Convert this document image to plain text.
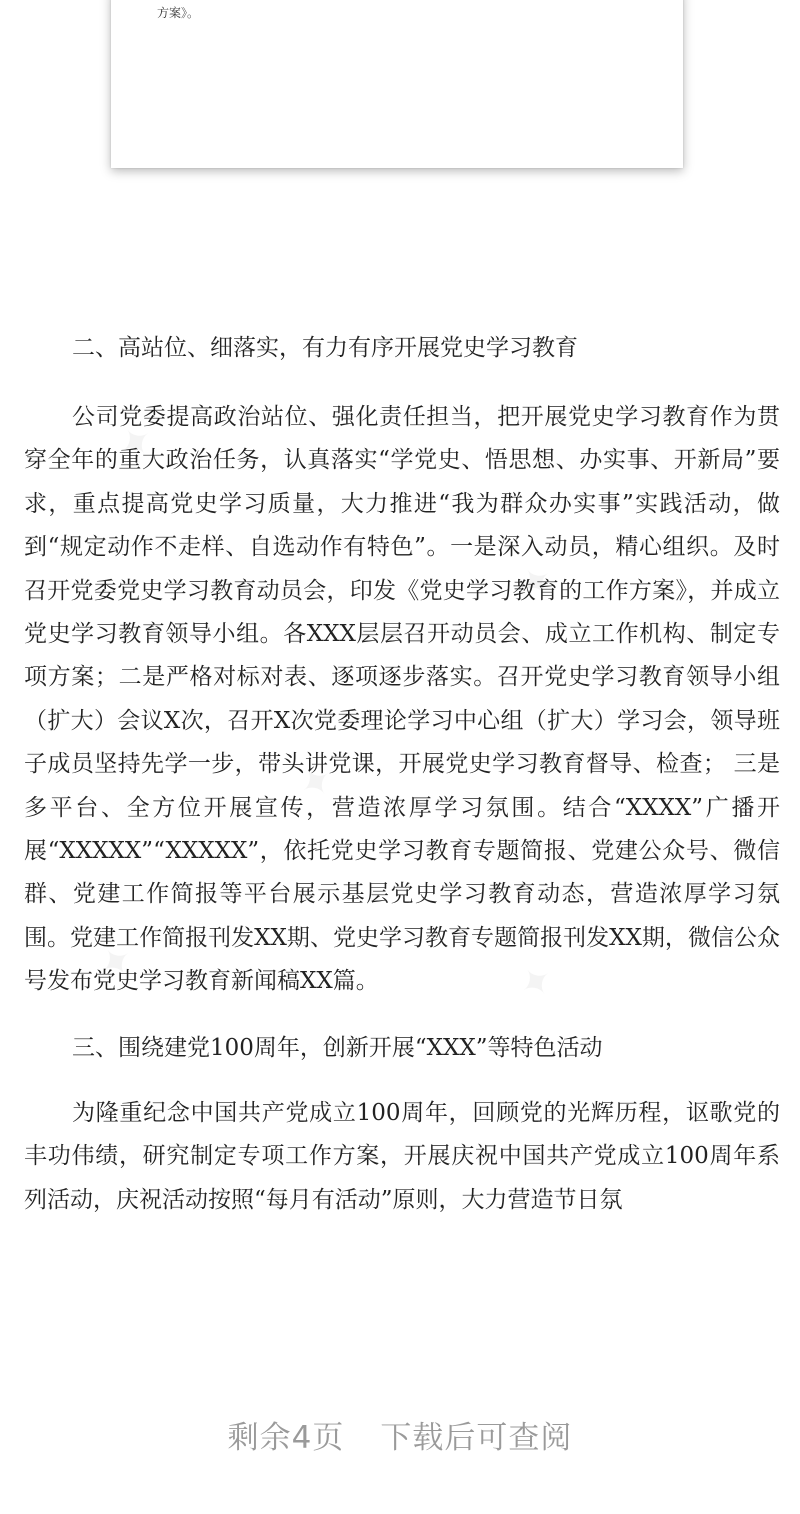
方案》。
二、高站位、细落实，有力有序开展党史学习教育

公司党委提高政治站位、强化责任担当，把开展党史学习教育作为贯穿全年的重大政治任务，认真落实“学党史、悟思想、办实事、开新局”要求，重点提高党史学习质量，大力推进“我为群众办实事”实践活动，做到“规定动作不走样、自选动作有特色”。一是深入动员，精心组织。及时召开党委党史学习教育动员会，印发《党史学习教育的工作方案》，并成立党史学习教育领导小组。各XXX层层召开动员会、成立工作机构、制定专项方案；二是严格对标对表、逐项逐步落实。召开党史学习教育领导小组（扩大）会议X次，召开X次党委理论学习中心组（扩大）学习会，领导班子成员坚持先学一步，带头讲党课，开展党史学习教育督导、检查； 三是多平台、全方位开展宣传，营造浓厚学习氛围。结合“XXXX”广播开展“XXXXX”“XXXXX”，依托党史学习教育专题简报、党建公众号、微信群、党建工作简报等平台展示基层党史学习教育动态，营造浓厚学习氛围。党建工作简报刊发XX期、党史学习教育专题简报刊发XX期，微信公众号发布党史学习教育新闻稿XX篇。

三、围绕建党100周年，创新开展“XXX”等特色活动

为隆重纪念中国共产党成立100周年，回顾党的光辉历程，讴歌党的丰功伟绩，研究制定专项工作方案，开展庆祝中国共产党成立100周年系列活动，庆祝活动按照“每月有活动”原则，大力营造节日氛

剩余4页 下载后可查阅
